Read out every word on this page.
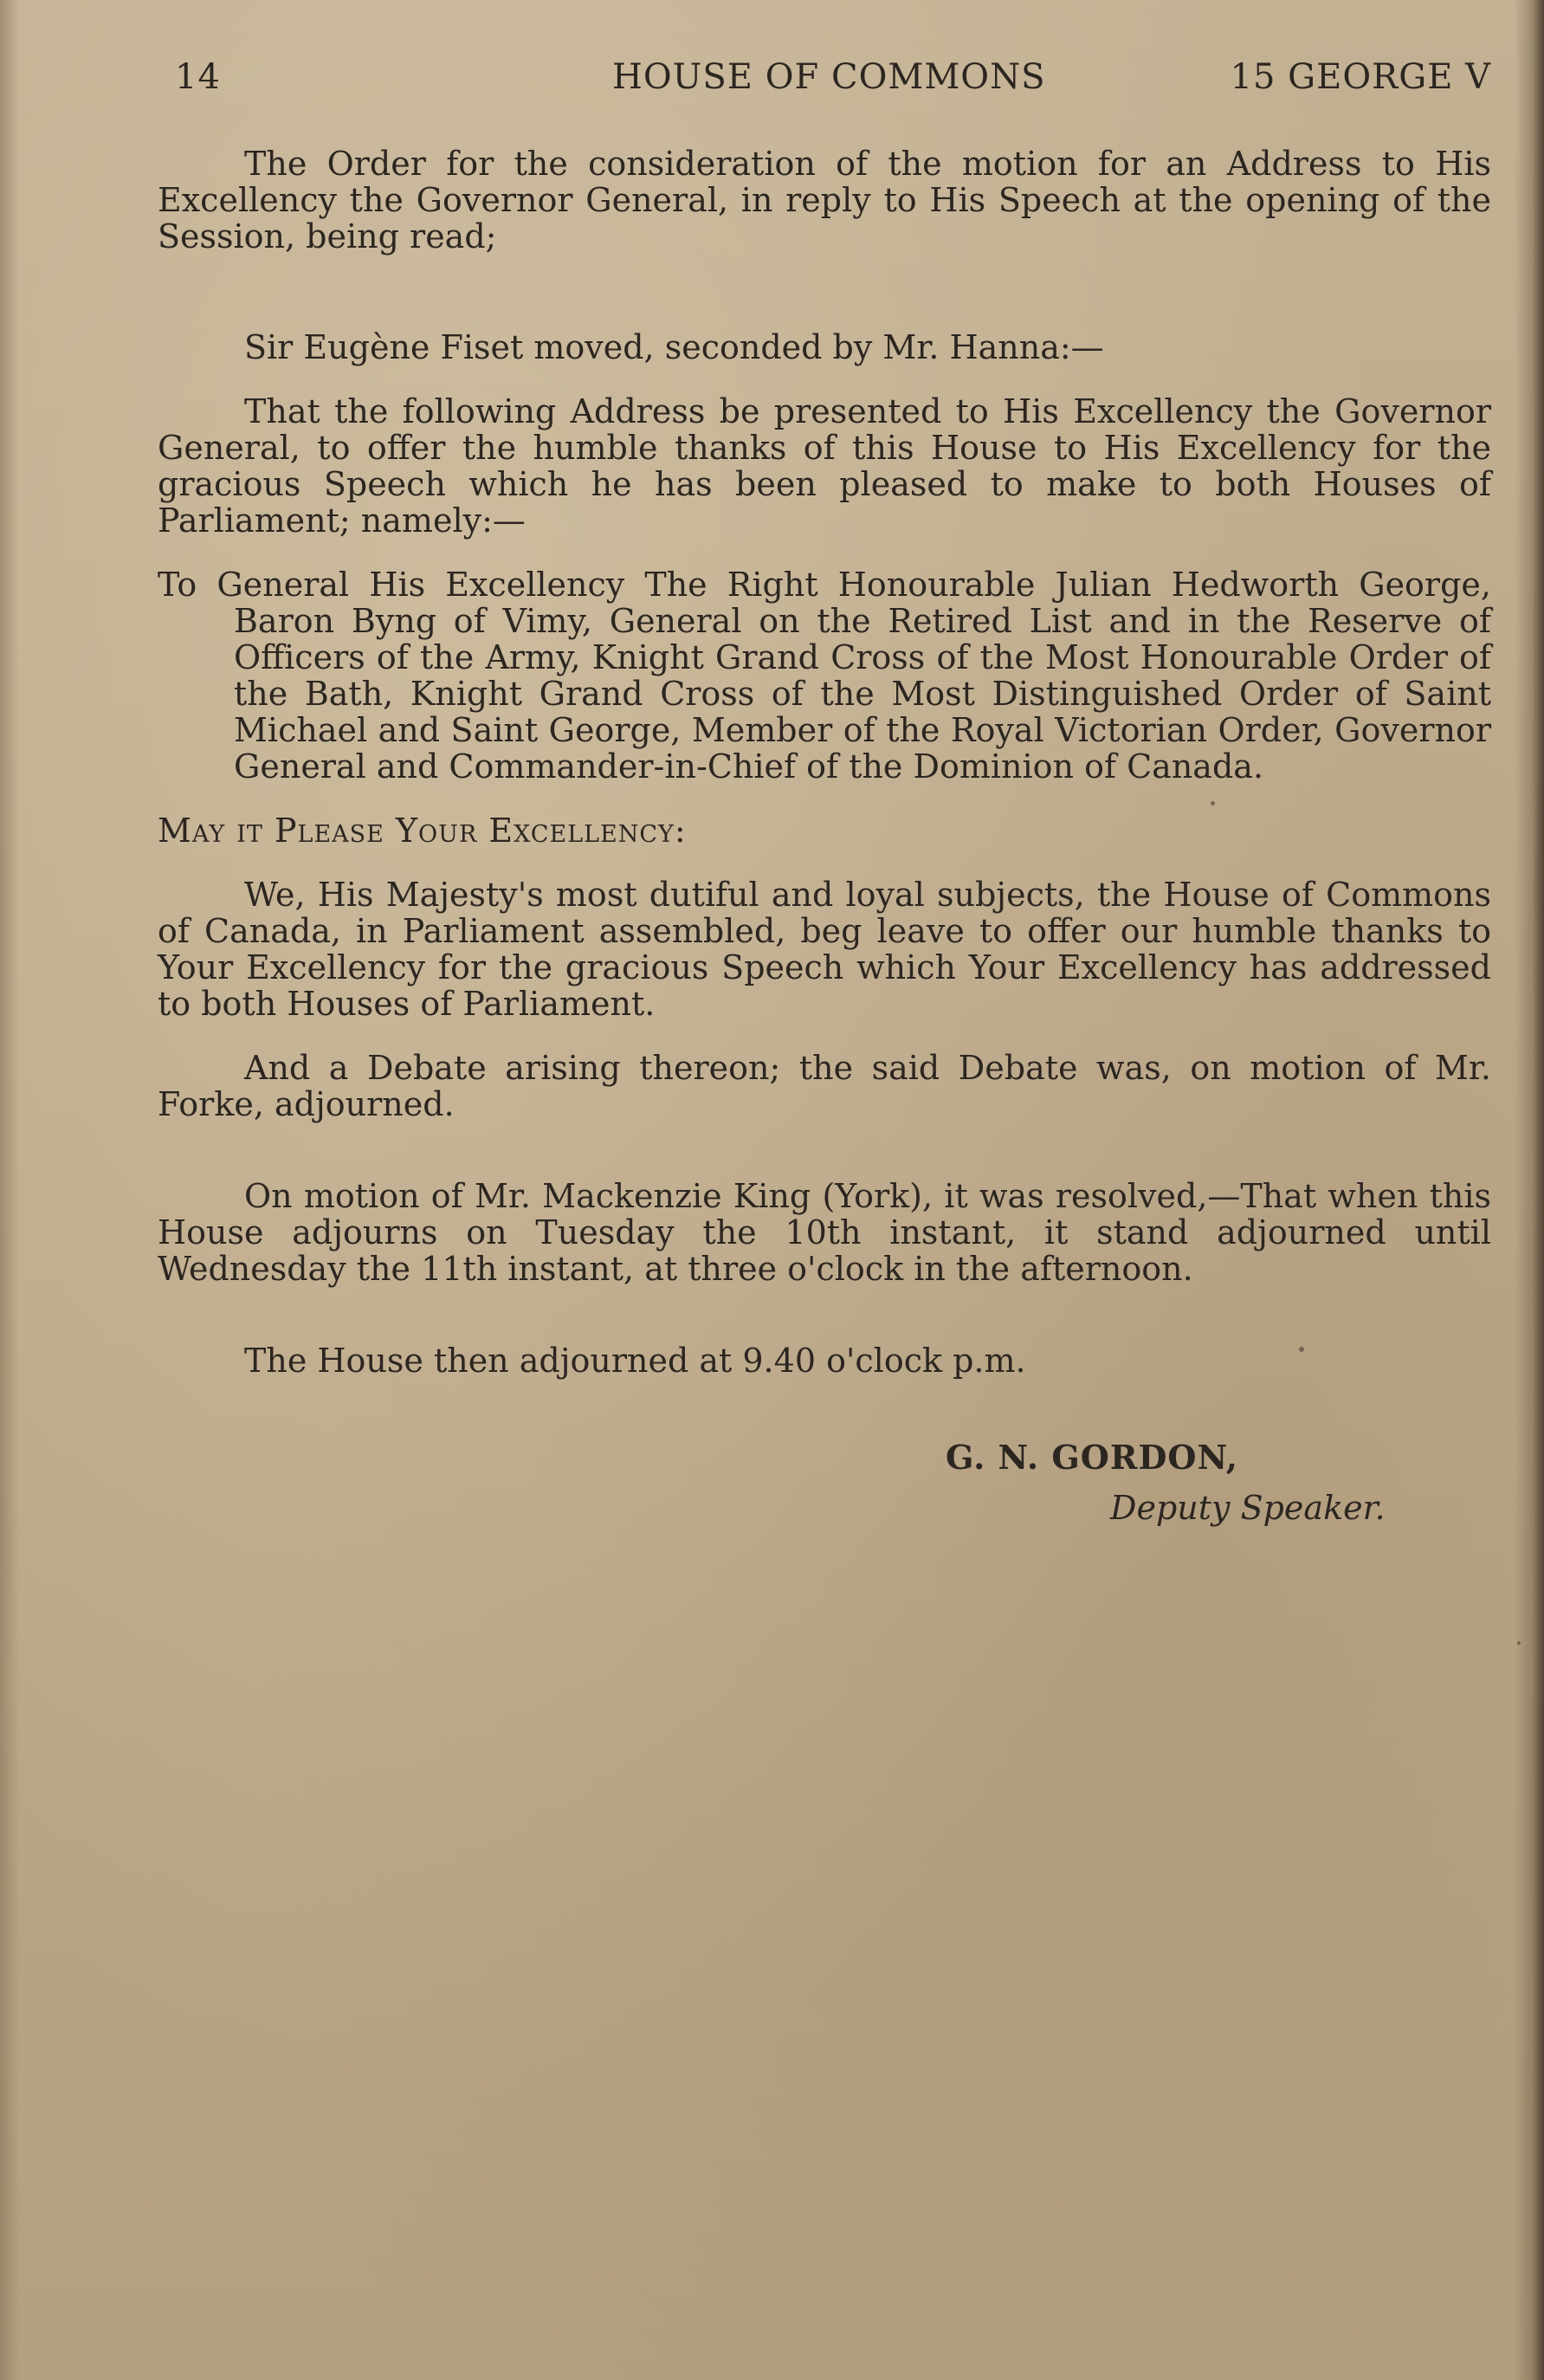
14	HOUSE OF COMMONS	15 GEORGE V

The Order for the consideration of the motion for an Address to His Excellency the Governor General, in reply to His Speech at the opening of the Session, being read;

Sir Eugène Fiset moved, seconded by Mr. Hanna:—

That the following Address be presented to His Excellency the Governor General, to offer the humble thanks of this House to His Excellency for the gracious Speech which he has been pleased to make to both Houses of Parliament; namely:—

To General His Excellency The Right Honourable Julian Hedworth George, Baron Byng of Vimy, General on the Retired List and in the Reserve of Officers of the Army, Knight Grand Cross of the Most Honourable Order of the Bath, Knight Grand Cross of the Most Distinguished Order of Saint Michael and Saint George, Member of the Royal Victorian Order, Governor General and Commander-in-Chief of the Dominion of Canada.

May it Please Your Excellency:

We, His Majesty's most dutiful and loyal subjects, the House of Commons of Canada, in Parliament assembled, beg leave to offer our humble thanks to Your Excellency for the gracious Speech which Your Excellency has addressed to both Houses of Parliament.

And a Debate arising thereon; the said Debate was, on motion of Mr. Forke, adjourned.

On motion of Mr. Mackenzie King (York), it was resolved,—That when this House adjourns on Tuesday the 10th instant, it stand adjourned until Wednesday the 11th instant, at three o'clock in the afternoon.

The House then adjourned at 9.40 o'clock p.m.

G. N. GORDON,
Deputy Speaker.
